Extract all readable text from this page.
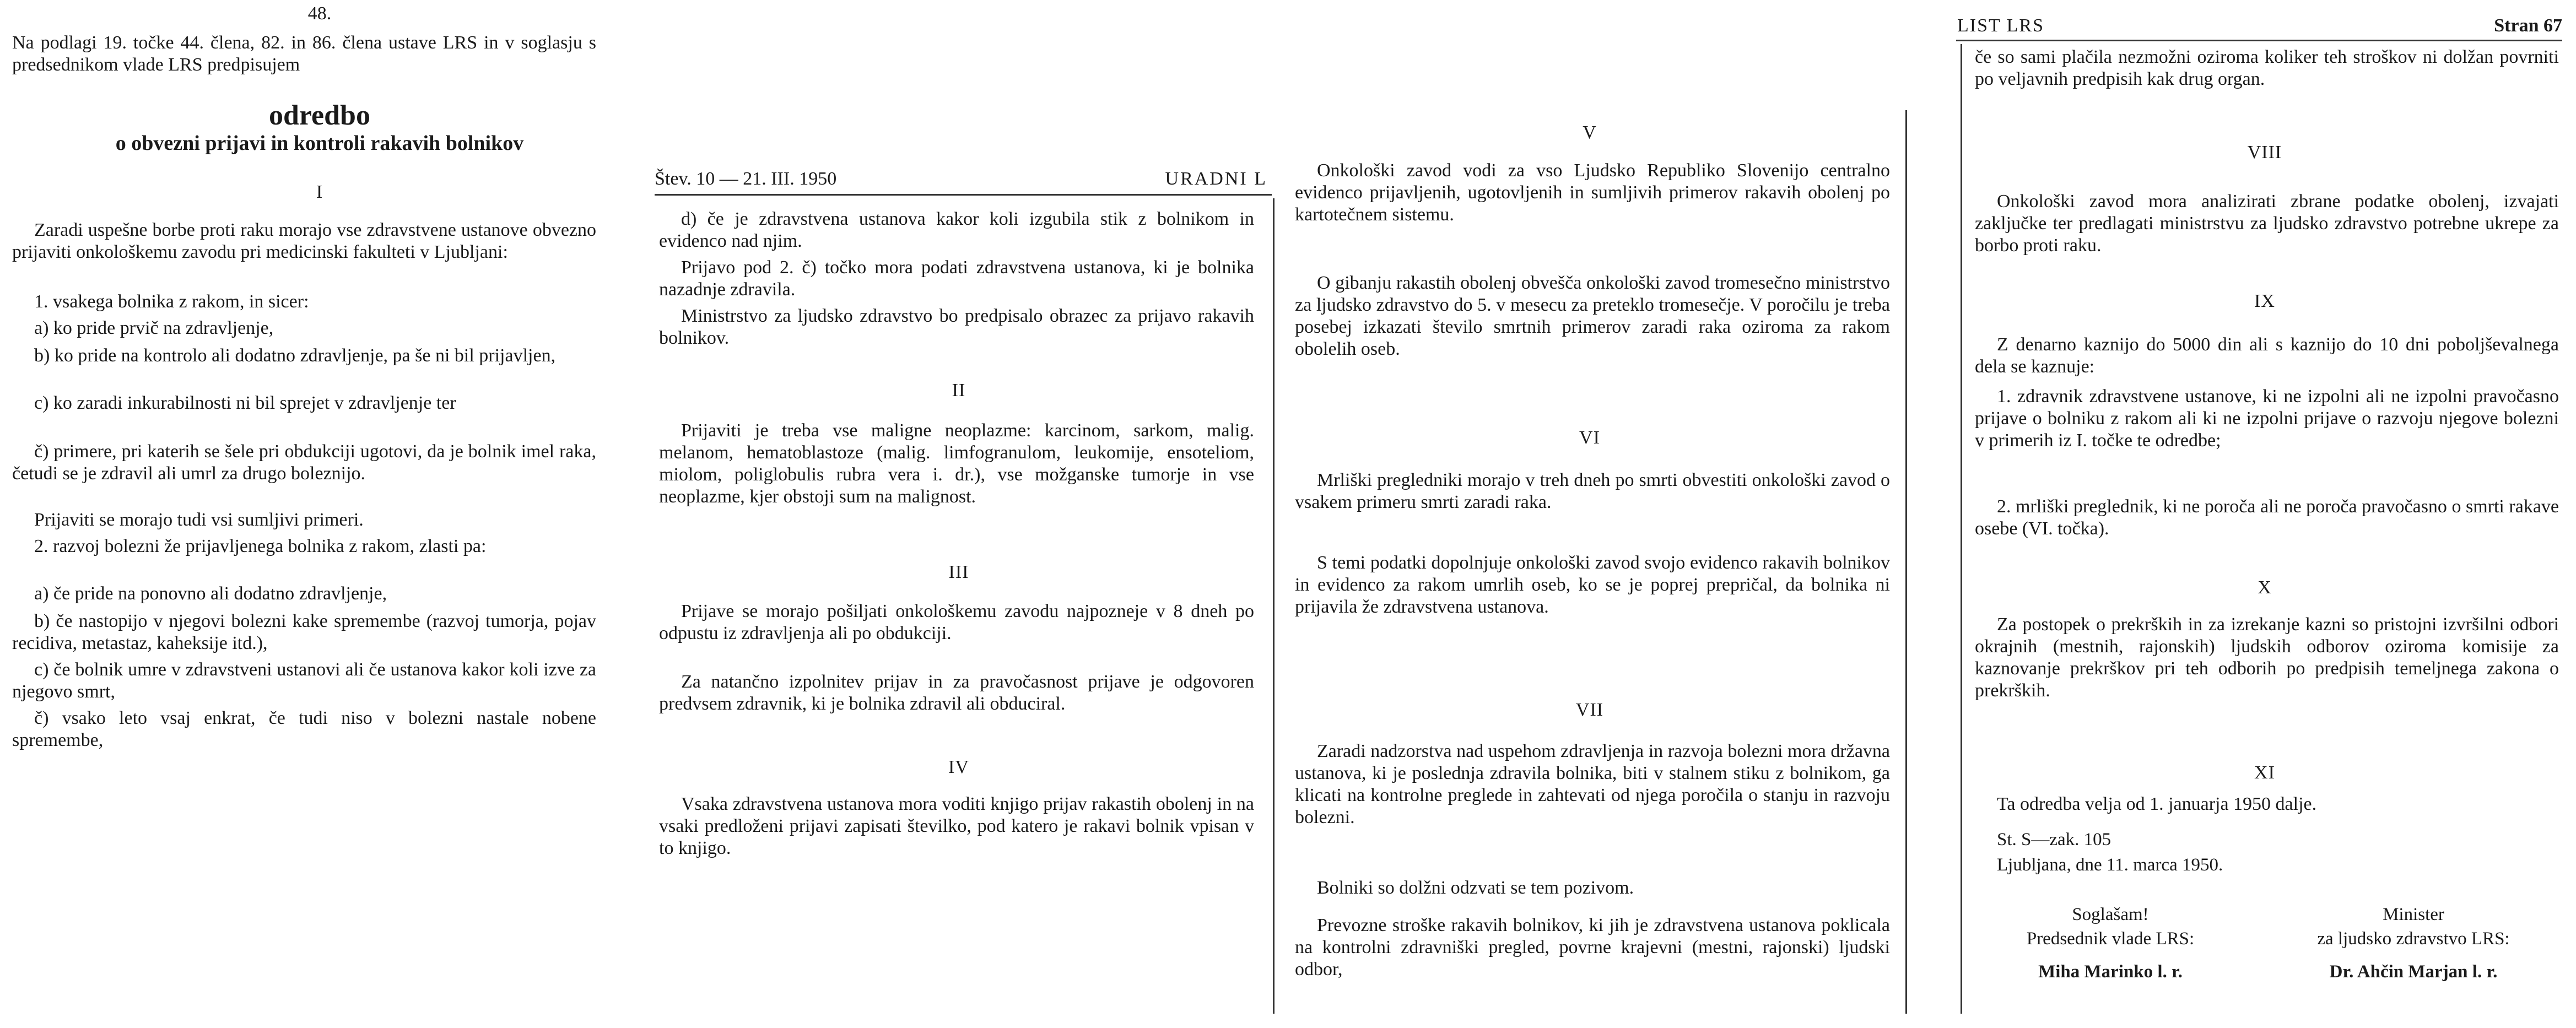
48.

Na podlagi 19. točke 44. člena, 82. in 86. člena ustave LRS in v soglasju s predsednikom vlade LRS predpisujem

odredbo
o obvezni prijavi in kontroli rakavih bolnikov
I

Zaradi uspešne borbe proti raku morajo vse zdravstvene ustanove obvezno prijaviti onkološkemu zavodu pri medicinski fakulteti v Ljubljani:

1. vsakega bolnika z rakom, in sicer:

a) ko pride prvič na zdravljenje,

b) ko pride na kontrolo ali dodatno zdravljenje, pa še ni bil prijavljen,

c) ko zaradi inkurabilnosti ni bil sprejet v zdravljenje ter

č) primere, pri katerih se šele pri obdukciji ugotovi, da je bolnik imel raka, četudi se je zdravil ali umrl za drugo boleznijo.

Prijaviti se morajo tudi vsi sumljivi primeri.

2. razvoj bolezni že prijavljenega bolnika z rakom, zlasti pa:

a) če pride na ponovno ali dodatno zdravljenje,

b) če nastopijo v njegovi bolezni kake spremembe (razvoj tumorja, pojav recidiva, metastaz, kaheksije itd.),

c) če bolnik umre v zdravstveni ustanovi ali če ustanova kakor koli izve za njegovo smrt,

č) vsako leto vsaj enkrat, če tudi niso v bolezni nastale nobene spremembe,

Štev. 10 — 21. III. 1950	URADNI L

d) če je zdravstvena ustanova kakor koli izgubila stik z bolnikom in evidenco nad njim.

Prijavo pod 2. č) točko mora podati zdravstvena ustanova, ki je bolnika nazadnje zdravila.

Ministrstvo za ljudsko zdravstvo bo predpisalo obrazec za prijavo rakavih bolnikov.

II

Prijaviti je treba vse maligne neoplazme: karcinom, sarkom, malig. melanom, hematoblastoze (malig. limfogranulom, leukomije, ensoteliom, miolom, poliglobulis rubra vera i. dr.), vse možganske tumorje in vse neoplazme, kjer obstoji sum na malignost.

III

Prijave se morajo pošiljati onkološkemu zavodu najpozneje v 8 dneh po odpustu iz zdravljenja ali po obdukciji.

Za natančno izpolnitev prijav in za pravočasnost prijave je odgovoren predvsem zdravnik, ki je bolnika zdravil ali obduciral.

IV

Vsaka zdravstvena ustanova mora voditi knjigo prijav rakastih obolenj in na vsaki predloženi prijavi zapisati številko, pod katero je rakavi bolnik vpisan v to knjigo.

V

Onkološki zavod vodi za vso Ljudsko Republiko Slovenijo centralno evidenco prijavljenih, ugotovljenih in sumljivih primerov rakavih obolenj po kartotečnem sistemu.

O gibanju rakastih obolenj obvešča onkološki zavod tromesečno ministrstvo za ljudsko zdravstvo do 5. v mesecu za preteklo tromesečje. V poročilu je treba posebej izkazati število smrtnih primerov zaradi raka oziroma za rakom obolelih oseb.

VI

Mrliški preglednikі morajo v treh dneh po smrti obvestiti onkološki zavod o vsakem primeru smrti zaradi raka.

S temi podatki dopolnjuje onkološki zavod svojo evidenco rakavih bolnikov in evidenco za rakom umrlih oseb, ko se je poprej prepričal, da bolnika ni prijavila že zdravstvena ustanova.

VII

Zaradi nadzorstva nad uspehom zdravljenja in razvoja bolezni mora državna ustanova, ki je poslednja zdravila bolnika, biti v stalnem stiku z bolnikom, ga klicati na kontrolne preglede in zahtevati od njega poročila o stanju in razvoju bolezni.

Bolniki so dolžni odzvati se tem pozivom.

Prevozne stroške rakavih bolnikov, ki jih je zdravstvena ustanova poklicala na kontrolni zdravniški pregled, povrne krajevni (mestni, rajonski) ljudski odbor,

LIST LRS	Stran 67

če so sami plačila nezmožni oziroma koliker teh stroškov ni dolžan povrniti po veljavnih predpisih kak drug organ.

VIII

Onkološki zavod mora analizirati zbrane podatke obolenj, izvajati zaključke ter predlagati ministrstvu za ljudsko zdravstvo potrebne ukrepe za borbo proti raku.

IX

Z denarno kaznijo do 5000 din ali s kaznijo do 10 dni poboljševalnega dela se kaznuje:

1. zdravnik zdravstvene ustanove, ki ne izpolni ali ne izpolni pravočasno prijave o bolniku z rakom ali ki ne izpolni prijave o razvoju njegove bolezni v primerih iz I. točke te odredbe;

2. mrliški preglednik, ki ne poroča ali ne poroča pravočasno o smrti rakave osebe (VI. točka).

X

Za postopek o prekrških in za izrekanje kazni so pristojni izvršilni odbori okrajnih (mestnih, rajonskih) ljudskih odborov oziroma komisije za kaznovanje prekrškov pri teh odborih po predpisih temeljnega zakona o prekrških.

XI

Ta odredba velja od 1. januarja 1950 dalje.

St. S—zak. 105
Ljubljana, dne 11. marca 1950.
Soglašam!
Predsednik vlade LRS:
Miha Marinko l. r.
Minister
za ljudsko zdravstvo LRS:
Dr. Ahčin Marjan l. r.
